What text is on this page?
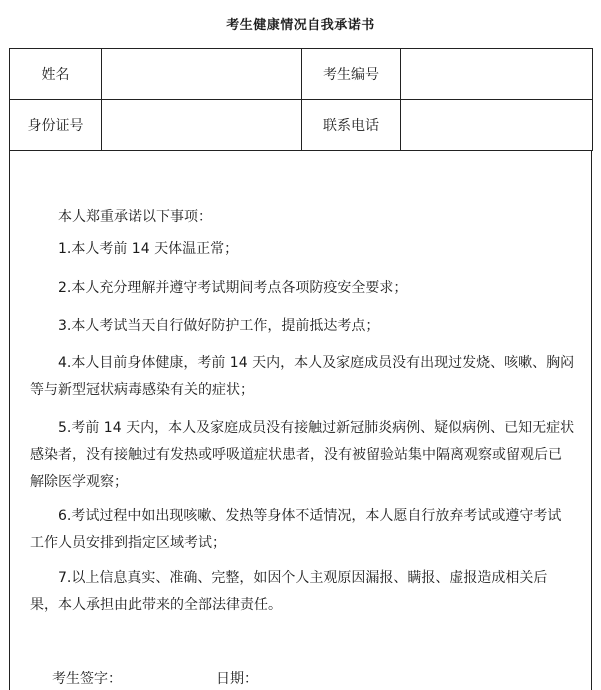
考生健康情况自我承诺书
姓名		考生编号	
身份证号		联系电话	
本人郑重承诺以下事项：
1.本人考前 14 天体温正常；
2.本人充分理解并遵守考试期间考点各项防疫安全要求；
3.本人考试当天自行做好防护工作，提前抵达考点；
4.本人目前身体健康，考前 14 天内，本人及家庭成员没有出现过发烧、咳嗽、胸闷等与新型冠状病毒感染有关的症状；
5.考前 14 天内，本人及家庭成员没有接触过新冠肺炎病例、疑似病例、已知无症状感染者，没有接触过有发热或呼吸道症状患者，没有被留验站集中隔离观察或留观后已解除医学观察；
6.考试过程中如出现咳嗽、发热等身体不适情况，本人愿自行放弃考试或遵守考试工作人员安排到指定区域考试；
7.以上信息真实、准确、完整，如因个人主观原因漏报、瞒报、虚报造成相关后果，本人承担由此带来的全部法律责任。
考生签字：	日期：
